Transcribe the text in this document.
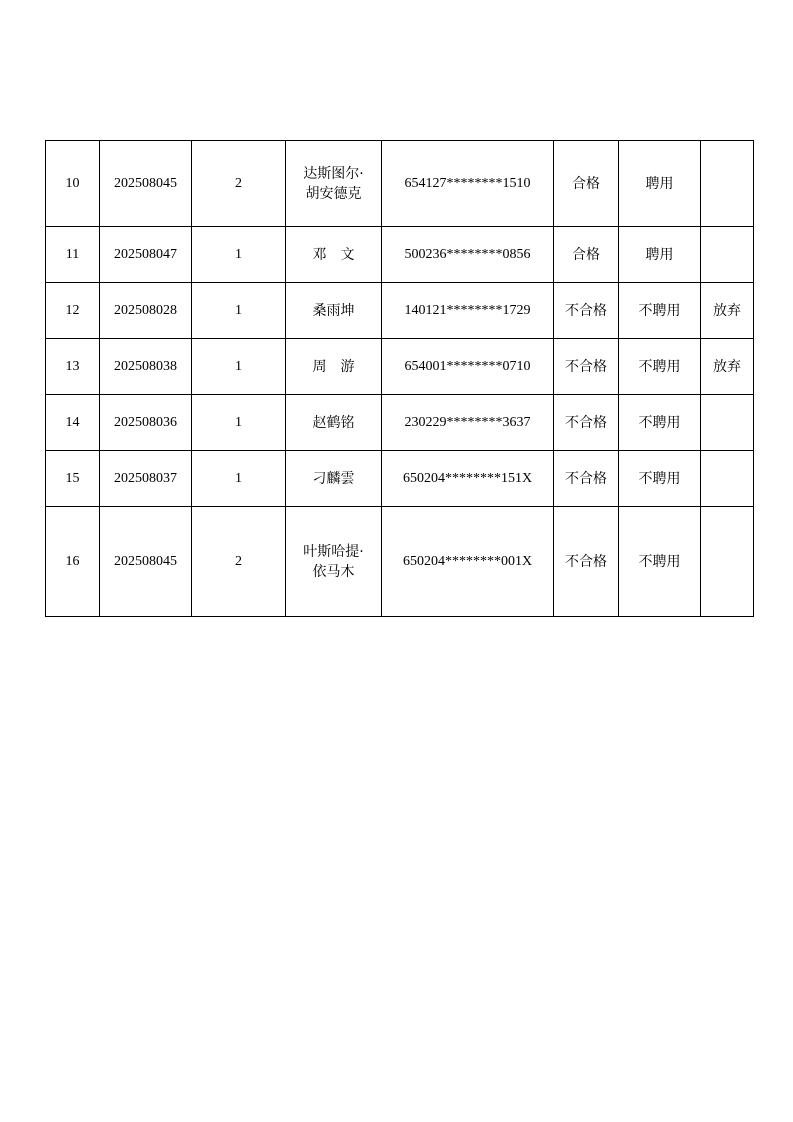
10	202508045	2	达斯图尔·胡安德克	654127********1510	合格	聘用	
11	202508047	1	邓　文	500236********0856	合格	聘用	
12	202508028	1	桑雨坤	140121********1729	不合格	不聘用	放弃
13	202508038	1	周　游	654001********0710	不合格	不聘用	放弃
14	202508036	1	赵鹤铭	230229********3637	不合格	不聘用	
15	202508037	1	刁麟雲	650204********151X	不合格	不聘用	
16	202508045	2	叶斯哈提·依马木	650204********001X	不合格	不聘用	
